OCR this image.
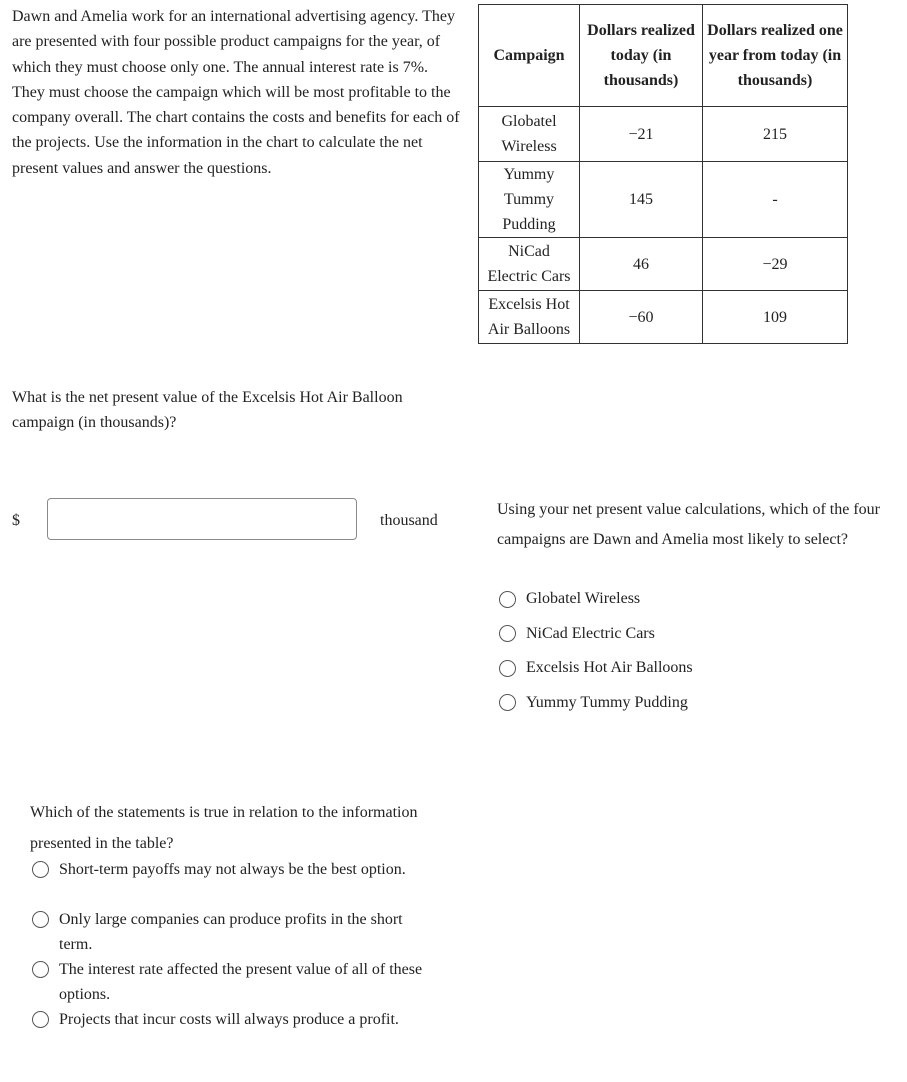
Dawn and Amelia work for an international advertising agency. They are presented with four possible product campaigns for the year, of which they must choose only one. The annual interest rate is 7%. They must choose the campaign which will be most profitable to the company overall. The chart contains the costs and benefits for each of the projects. Use the information in the chart to calculate the net present values and answer the questions.
Campaign	Dollars realized today (in thousands)	Dollars realized one year from today (in thousands)
Globatel Wireless	−21	215
Yummy Tummy Pudding	145	-
NiCad Electric Cars	46	−29
Excelsis Hot Air Balloons	−60	109
What is the net present value of the Excelsis Hot Air Balloon campaign (in thousands)?
$	thousand
Using your net present value calculations, which of the four campaigns are Dawn and Amelia most likely to select?
Globatel Wireless
NiCad Electric Cars
Excelsis Hot Air Balloons
Yummy Tummy Pudding
Which of the statements is true in relation to the information presented in the table?
Short-term payoffs may not always be the best option.
Only large companies can produce profits in the short term.
The interest rate affected the present value of all of these options.
Projects that incur costs will always produce a profit.
